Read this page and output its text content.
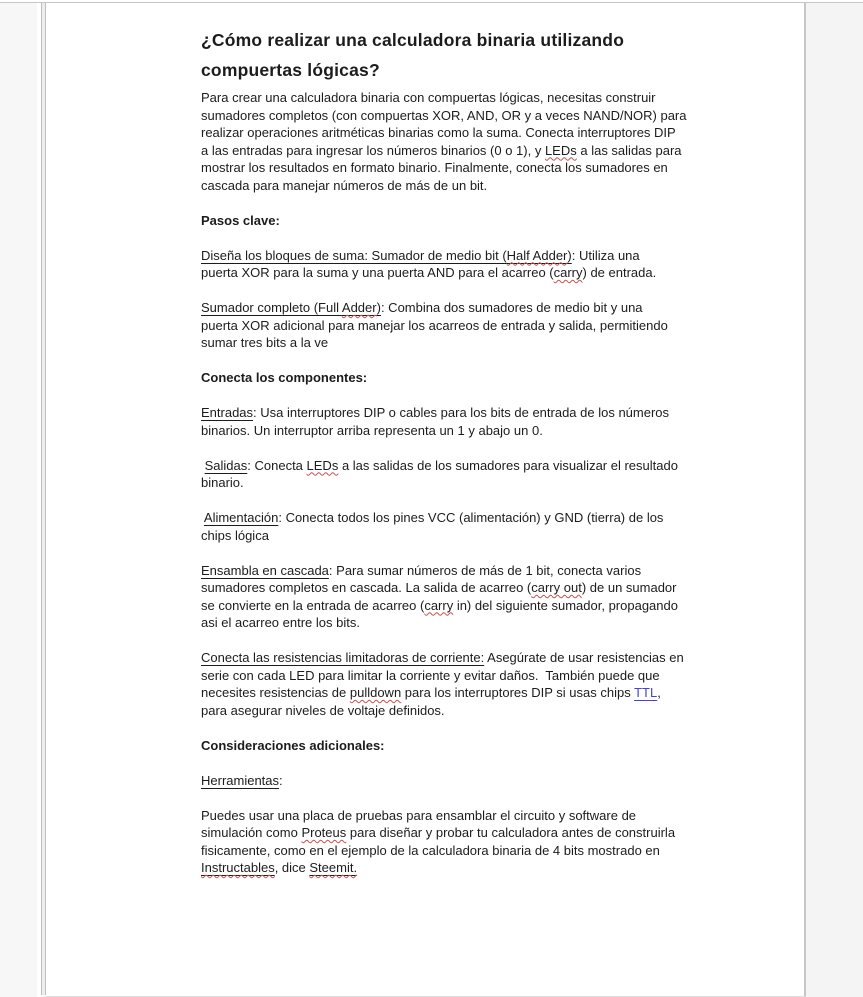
¿Cómo realizar una calculadora binaria utilizando
compuertas lógicas?
Para crear una calculadora binaria con compuertas lógicas, necesitas construir
sumadores completos (con compuertas XOR, AND, OR y a veces NAND/NOR) para
realizar operaciones aritméticas binarias como la suma. Conecta interruptores DIP
a las entradas para ingresar los números binarios (0 o 1), y LEDs a las salidas para
mostrar los resultados en formato binario. Finalmente, conecta los sumadores en
cascada para manejar números de más de un bit.
Pasos clave:
Diseña los bloques de suma: Sumador de medio bit (Half Adder): Utiliza una
puerta XOR para la suma y una puerta AND para el acarreo (carry) de entrada.
Sumador completo (Full Adder): Combina dos sumadores de medio bit y una
puerta XOR adicional para manejar los acarreos de entrada y salida, permitiendo
sumar tres bits a la ve
Conecta los componentes:
Entradas: Usa interruptores DIP o cables para los bits de entrada de los números
binarios. Un interruptor arriba representa un 1 y abajo un 0.
Salidas: Conecta LEDs a las salidas de los sumadores para visualizar el resultado
binario.
Alimentación: Conecta todos los pines VCC (alimentación) y GND (tierra) de los
chips lógica
Ensambla en cascada: Para sumar números de más de 1 bit, conecta varios
sumadores completos en cascada. La salida de acarreo (carry out) de un sumador
se convierte en la entrada de acarreo (carry in) del siguiente sumador, propagando
asi el acarreo entre los bits.
Conecta las resistencias limitadoras de corriente: Asegúrate de usar resistencias en
serie con cada LED para limitar la corriente y evitar daños.  También puede que
necesites resistencias de pulldown para los interruptores DIP si usas chips TTL,
para asegurar niveles de voltaje definidos.
Consideraciones adicionales:
Herramientas:
Puedes usar una placa de pruebas para ensamblar el circuito y software de
simulación como Proteus para diseñar y probar tu calculadora antes de construirla
fisicamente, como en el ejemplo de la calculadora binaria de 4 bits mostrado en
Instructables, dice Steemit.
